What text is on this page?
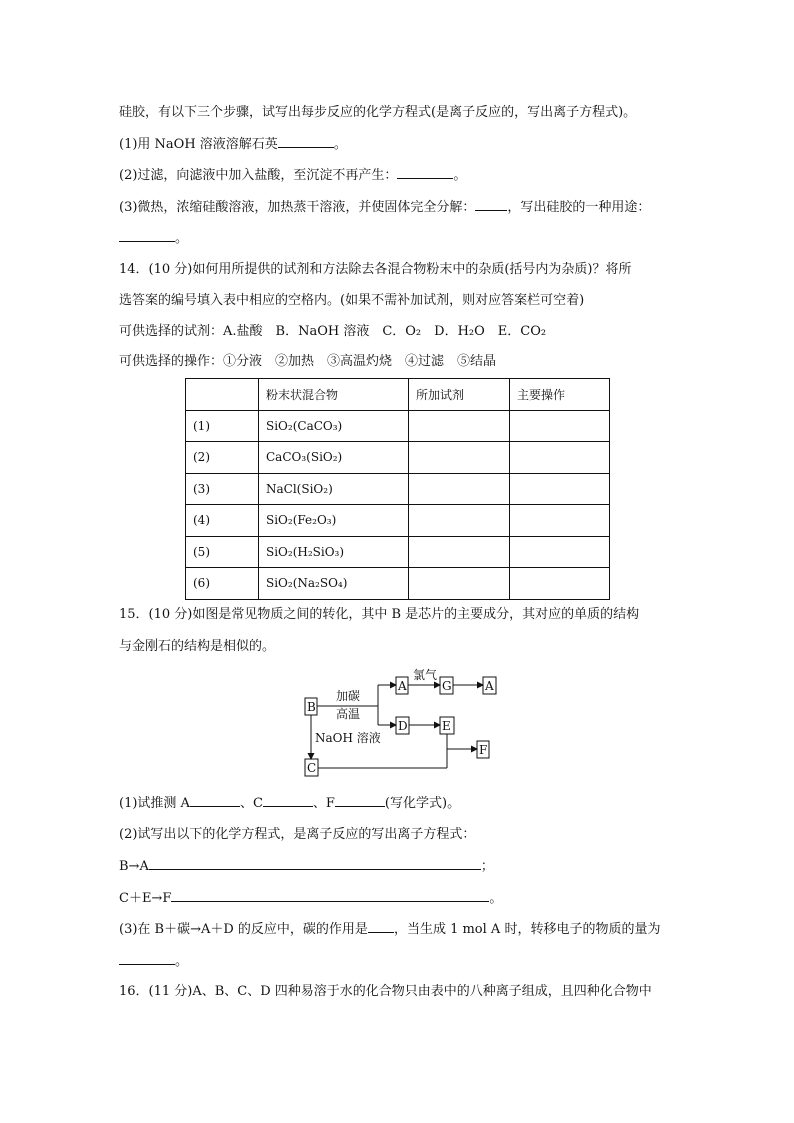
硅胶，有以下三个步骤，试写出每步反应的化学方程式(是离子反应的，写出离子方程式)。
(1)用 NaOH 溶液溶解石英	。
(2)过滤，向滤液中加入盐酸，至沉淀不再产生：	。
(3)微热，浓缩硅酸溶液，加热蒸干溶液，并使固体完全分解： ，写出硅胶的一种用途：
。
14．(10 分)如何用所提供的试剂和方法除去各混合物粉末中的杂质(括号内为杂质)？将所
选答案的编号填入表中相应的空格内。(如果不需补加试剂，则对应答案栏可空着)
可供选择的试剂：A.盐酸　B．NaOH 溶液　C．O₂　D．H₂O　E．CO₂
可供选择的操作：①分液　②加热　③高温灼烧　④过滤　⑤结晶
	粉末状混合物	所加试剂	主要操作
(1)	SiO₂(CaCO₃)		
(2)	CaCO₃(SiO₂)		
(3)	NaCl(SiO₂)		
(4)	SiO₂(Fe₂O₃)		
(5)	SiO₂(H₂SiO₃)		
(6)	SiO₂(Na₂SO₄)		
15．(10 分)如图是常见物质之间的转化，其中 B 是芯片的主要成分，其对应的单质的结构
与金刚石的结构是相似的。
B
A	G	A
D	E
F
C
加碳
高温
氯气
NaOH 溶液
(1)试推测 A	、C	、F	(写化学式)。
(2)试写出以下的化学方程式，是离子反应的写出离子方程式：
B→A	；
C＋E→F	。
(3)在 B＋碳→A＋D 的反应中，碳的作用是 ，当生成 1 mol A 时，转移电子的物质的量为
。
16．(11 分)A、B、C、D 四种易溶于水的化合物只由表中的八种离子组成，且四种化合物中
